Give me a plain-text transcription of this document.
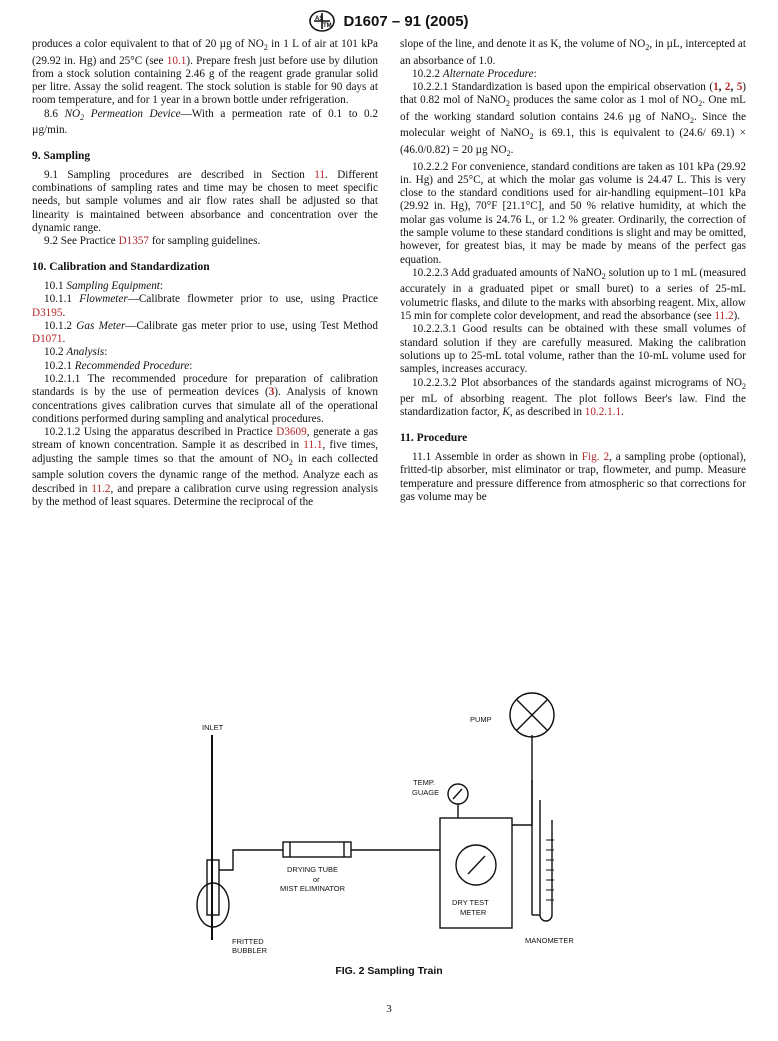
AS
TM D1607 – 91 (2005)

produces a color equivalent to that of 20 µg of $NO_2$ in 1 L of air at 101 kPa (29.92 in. Hg) and 25°C (see 10.1). Prepare fresh just before use by dilution from a stock solution containing 2.46 g of the reagent grade granular solid per litre. Assay the solid reagent. The stock solution is stable for 90 days at room temperature, and for 1 year in a brown bottle under refrigeration.

8.6 $NO_2$ Permeation Device—With a permeation rate of 0.1 to 0.2 µg/min.

9. Sampling

9.1 Sampling procedures are described in Section 11. Different combinations of sampling rates and time may be chosen to meet specific needs, but sample volumes and air flow rates shall be adjusted so that linearity is maintained between absorbance and concentration over the dynamic range.

9.2 See Practice D1357 for sampling guidelines.

10. Calibration and Standardization

10.1 Sampling Equipment:

10.1.1 Flowmeter—Calibrate flowmeter prior to use, using Practice D3195.

10.1.2 Gas Meter—Calibrate gas meter prior to use, using Test Method D1071.

10.2 Analysis:

10.2.1 Recommended Procedure:

10.2.1.1 The recommended procedure for preparation of calibration standards is by the use of permeation devices (3). Analysis of known concentrations gives calibration curves that simulate all of the operational conditions performed during sampling and analytical procedures.

10.2.1.2 Using the apparatus described in Practice D3609, generate a gas stream of known concentration. Sample it as described in 11.1, five times, adjusting the sample times so that the amount of $NO_2$ in each collected sample solution covers the dynamic range of the method. Analyze each as described in 11.2, and prepare a calibration curve using regression analysis by the method of least squares. Determine the reciprocal of the

slope of the line, and denote it as K, the volume of $NO_2$, in µL, intercepted at an absorbance of 1.0.

10.2.2 Alternate Procedure:

10.2.2.1 Standardization is based upon the empirical observation (1, 2, 5) that 0.82 mol of NaNO$_2$ produces the same color as 1 mol of $NO_2$. One mL of the working standard solution contains 24.6 µg of NaNO$_2$. Since the molecular weight of NaNO$_2$ is 69.1, this is equivalent to (24.6/ 69.1) × (46.0/0.82) = 20 µg $NO_2$.

10.2.2.2 For convenience, standard conditions are taken as 101 kPa (29.92 in. Hg) and 25°C, at which the molar gas volume is 24.47 L. This is very close to the standard conditions used for air-handling equipment–101 kPa (29.92 in. Hg), 70°F [21.1°C], and 50 % relative humidity, at which the molar gas volume is 24.76 L, or 1.2 % greater. Ordinarily, the correction of the sample volume to these standard conditions is slight and may be omitted, however, for greatest bias, it may be made by means of the perfect gas equation.

10.2.2.3 Add graduated amounts of NaNO$_2$ solution up to 1 mL (measured accurately in a graduated pipet or small buret) to a series of 25-mL volumetric flasks, and dilute to the marks with absorbing reagent. Mix, allow 15 min for complete color development, and read the absorbance (see 11.2).

10.2.2.3.1 Good results can be obtained with these small volumes of standard solution if they are carefully measured. Making the calibration solutions up to 25-mL total volume, rather than the 10-mL volume used for samples, increases accuracy.

10.2.2.3.2 Plot absorbances of the standards against micrograms of $NO_2$ per mL of absorbing reagent. The plot follows Beer's law. Find the standardization factor, K, as described in 10.2.1.1.

11. Procedure

11.1 Assemble in order as shown in Fig. 2, a sampling probe (optional), fritted-tip absorber, mist eliminator or trap, flowmeter, and pump. Measure temperature and pressure difference from atmospheric so that corrections for gas volume may be

INLET
PUMP
TEMP.
GUAGE
DRYING TUBE
or
MIST ELIMINATOR
DRY TEST
METER
MANOMETER
FRITTED
BUBBLER
FIG. 2 Sampling Train
3
